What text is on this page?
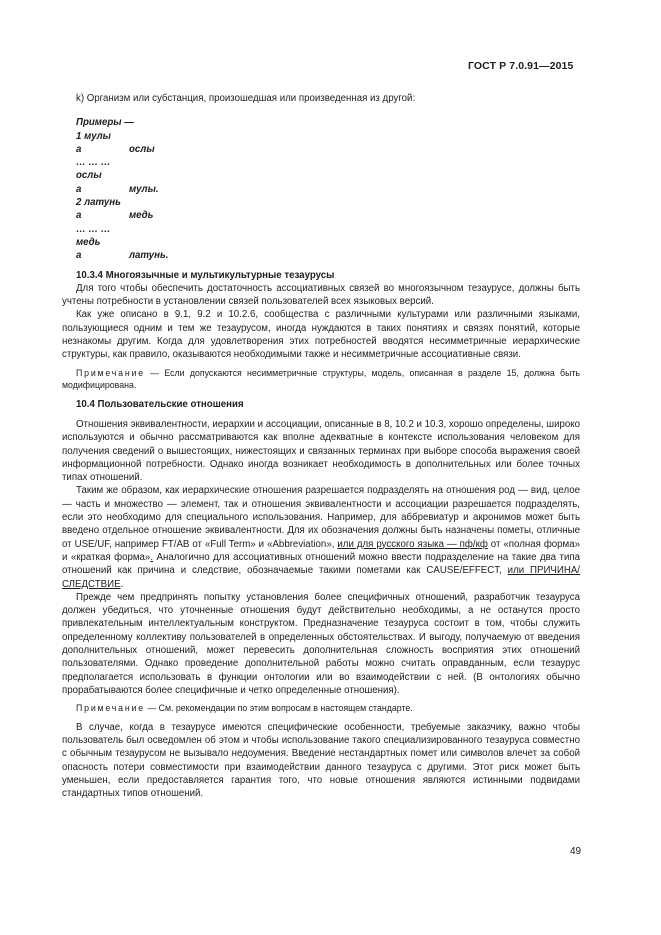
ГОСТ Р 7.0.91—2015

k) Организм или субстанция, произошедшая или произведенная из другой:

Примеры —

1 мулы

а	ослы

… … …

ослы

а	мулы.

2 латунь

а	медь

… … …

медь

а	латунь.

10.3.4 Многоязычные и мультикультурные тезаурусы

Для того чтобы обеспечить достаточность ассоциативных связей во многоязычном тезаурусе, должны быть учтены потребности в установлении связей пользователей всех языковых версий.

Как уже описано в 9.1, 9.2 и 10.2.6, сообщества с различными культурами или различными языками, пользующиеся одним и тем же тезаурусом, иногда нуждаются в таких понятиях и связях понятий, которые незнакомы другим. Когда для удовлетворения этих потребностей вводятся несимметричные иерархические структуры, как правило, оказываются необходимыми также и несимметричные ассоциативные связи.

Примечание — Если допускаются несимметричные структуры, модель, описанная в разделе 15, должна быть модифицирована.

10.4 Пользовательские отношения

Отношения эквивалентности, иерархии и ассоциации, описанные в 8, 10.2 и 10.3, хорошо определены, широко используются и обычно рассматриваются как вполне адекватные в контексте использования человеком для получения сведений о вышестоящих, нижестоящих и связанных терминах при выборе способа выражения своей информационной потребности. Однако иногда возникает необходимость в дополнительных или более точных типах отношений.

Таким же образом, как иерархические отношения разрешается подразделять на отношения род — вид, целое — часть и множество — элемент, так и отношения эквивалентности и ассоциации разрешается подразделять, если это необходимо для специального использования. Например, для аббревиатур и акронимов может быть введено отдельное отношение эквивалентности. Для их обозначения должны быть назначены пометы, отличные от USE/UF, например FT/AB от «Full Term» и «Abbreviation», или для русского языка — пф/кф от «полная форма» и «краткая форма». Аналогично для ассоциативных отношений можно ввести подразделение на такие два типа отношений как причина и следствие, обозначаемые такими пометами как CAUSE/EFFECT, или ПРИЧИНА/СЛЕДСТВИЕ.

Прежде чем предпринять попытку установления более специфичных отношений, разработчик тезауруса должен убедиться, что уточненные отношения будут действительно необходимы, а не останутся просто привлекательным интеллектуальным конструктом. Предназначение тезауруса состоит в том, чтобы служить определенному коллективу пользователей в определенных обстоятельствах. И выгоду, получаемую от введения дополнительных отношений, может перевесить дополнительная сложность восприятия этих отношений пользователями. Однако проведение дополнительной работы можно считать оправданным, если тезаурус предполагается использовать в функции онтологии или во взаимодействии с ней. (В онтологиях обычно прорабатываются более специфичные и четко определенные отношения).

Примечание — См. рекомендации по этим вопросам в настоящем стандарте.

В случае, когда в тезаурусе имеются специфические особенности, требуемые заказчику, важно чтобы пользователь был осведомлен об этом и чтобы использование такого специализированного тезауруса совместно с обычным тезаурусом не вызывало недоумения. Введение нестандартных помет или символов влечет за собой опасность потери совместимости при взаимодействии данного тезауруса с другими. Этот риск может быть уменьшен, если предоставляется гарантия того, что новые отношения являются истинными подвидами стандартных типов отношений.

49
